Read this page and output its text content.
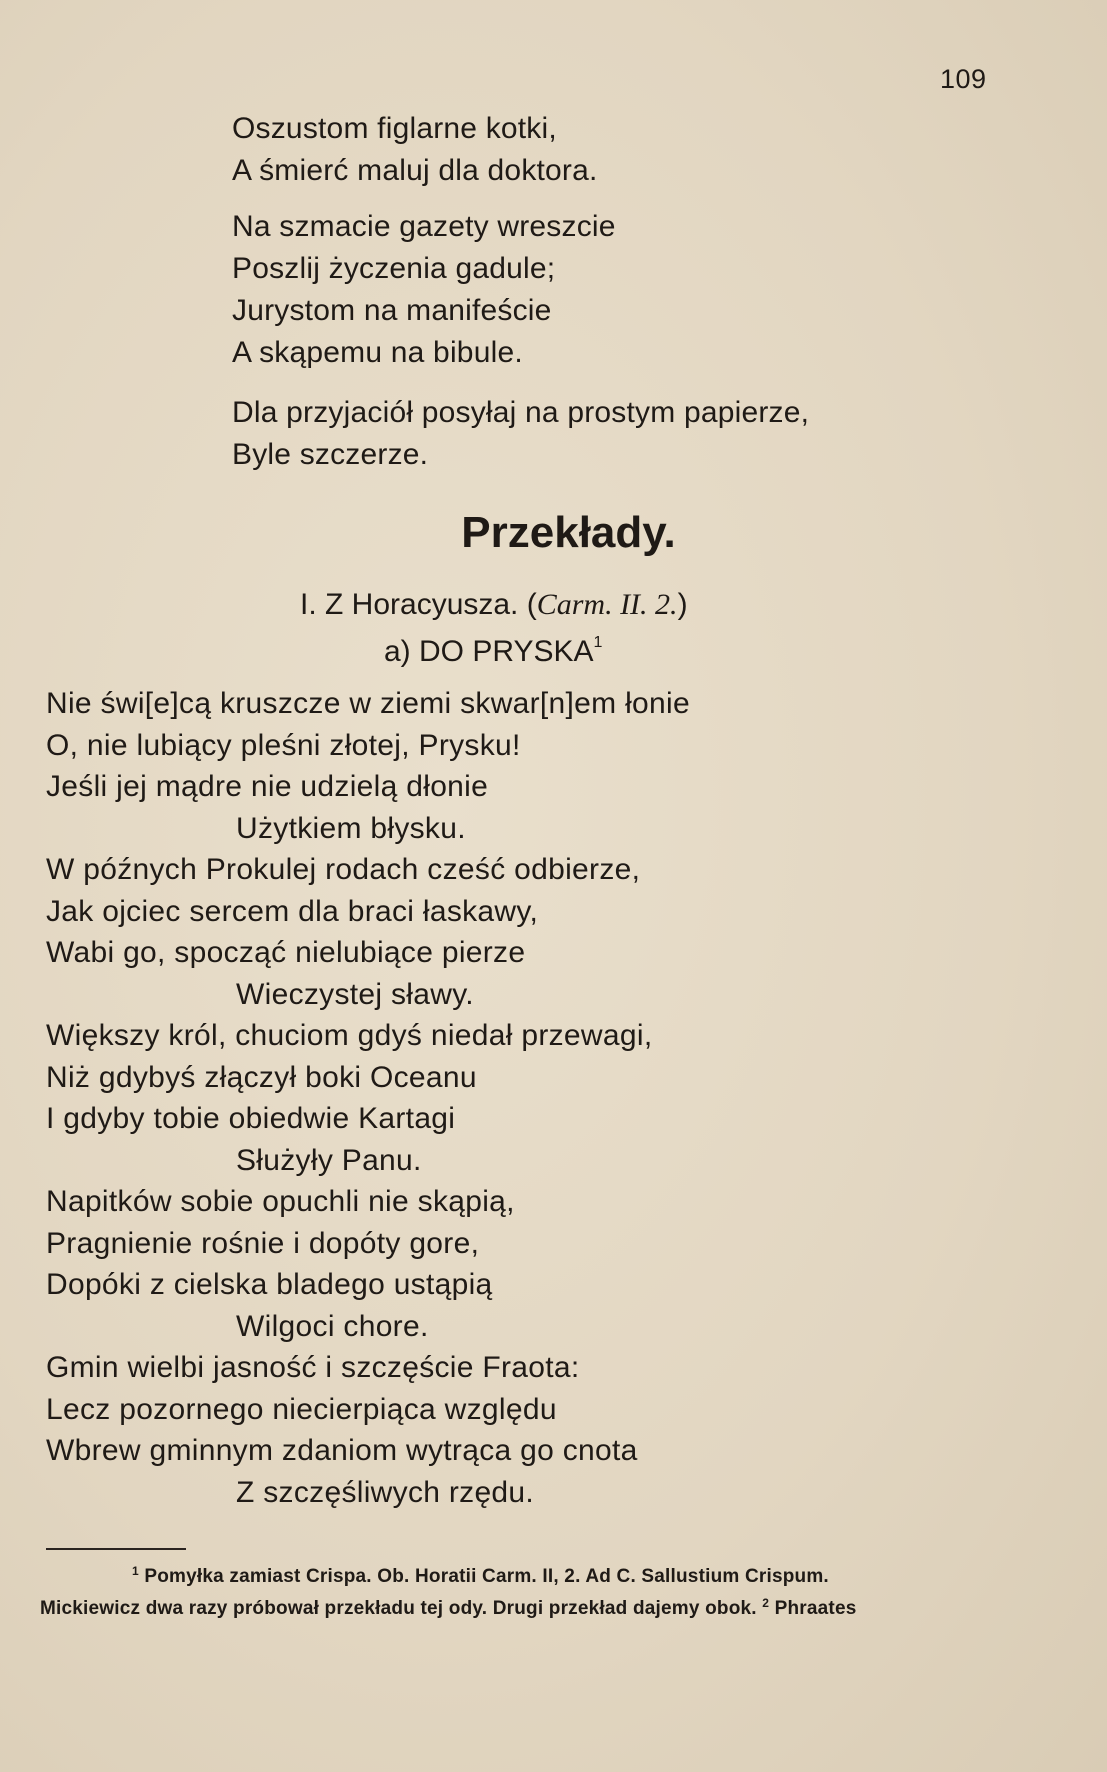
109
Oszustom figlarne kotki,
A śmierć maluj dla doktora.
Na szmacie gazety wreszcie
Poszlij życzenia gadule;
Jurystom na manifeście
A skąpemu na bibule.
Dla przyjaciół posyłaj na prostym papierze,
Byle szczerze.
Przekłady.
I. Z Horacyusza. (Carm. II. 2.)
a) DO PRYSKA$^1$
Nie świ[e]cą kruszcze w ziemi skwar[n]em łonie
O, nie lubiący pleśni złotej, Prysku!
Jeśli jej mądre nie udzielą dłonie
Użytkiem błysku.
W późnych Prokulej rodach cześć odbierze,
Jak ojciec sercem dla braci łaskawy,
Wabi go, spocząć nielubiące pierze
Wieczystej sławy.
Większy król, chuciom gdyś niedał przewagi,
Niż gdybyś złączył boki Oceanu
I gdyby tobie obiedwie Kartagi
Służyły Panu.
Napitków sobie opuchli nie skąpią,
Pragnienie rośnie i dopóty gore,
Dopóki z cielska bladego ustąpią
Wilgoci chore.
Gmin wielbi jasność i szczęście Fraota:
Lecz pozornego niecierpiąca względu
Wbrew gminnym zdaniom wytrąca go cnota
Z szczęśliwych rzędu.
$^1$ Pomyłka zamiast Crispa. Ob. Horatii Carm. II, 2. Ad C. Sallustium Crispum.
Mickiewicz dwa razy próbował przekładu tej ody. Drugi przekład dajemy obok. $^2$ Phraates
